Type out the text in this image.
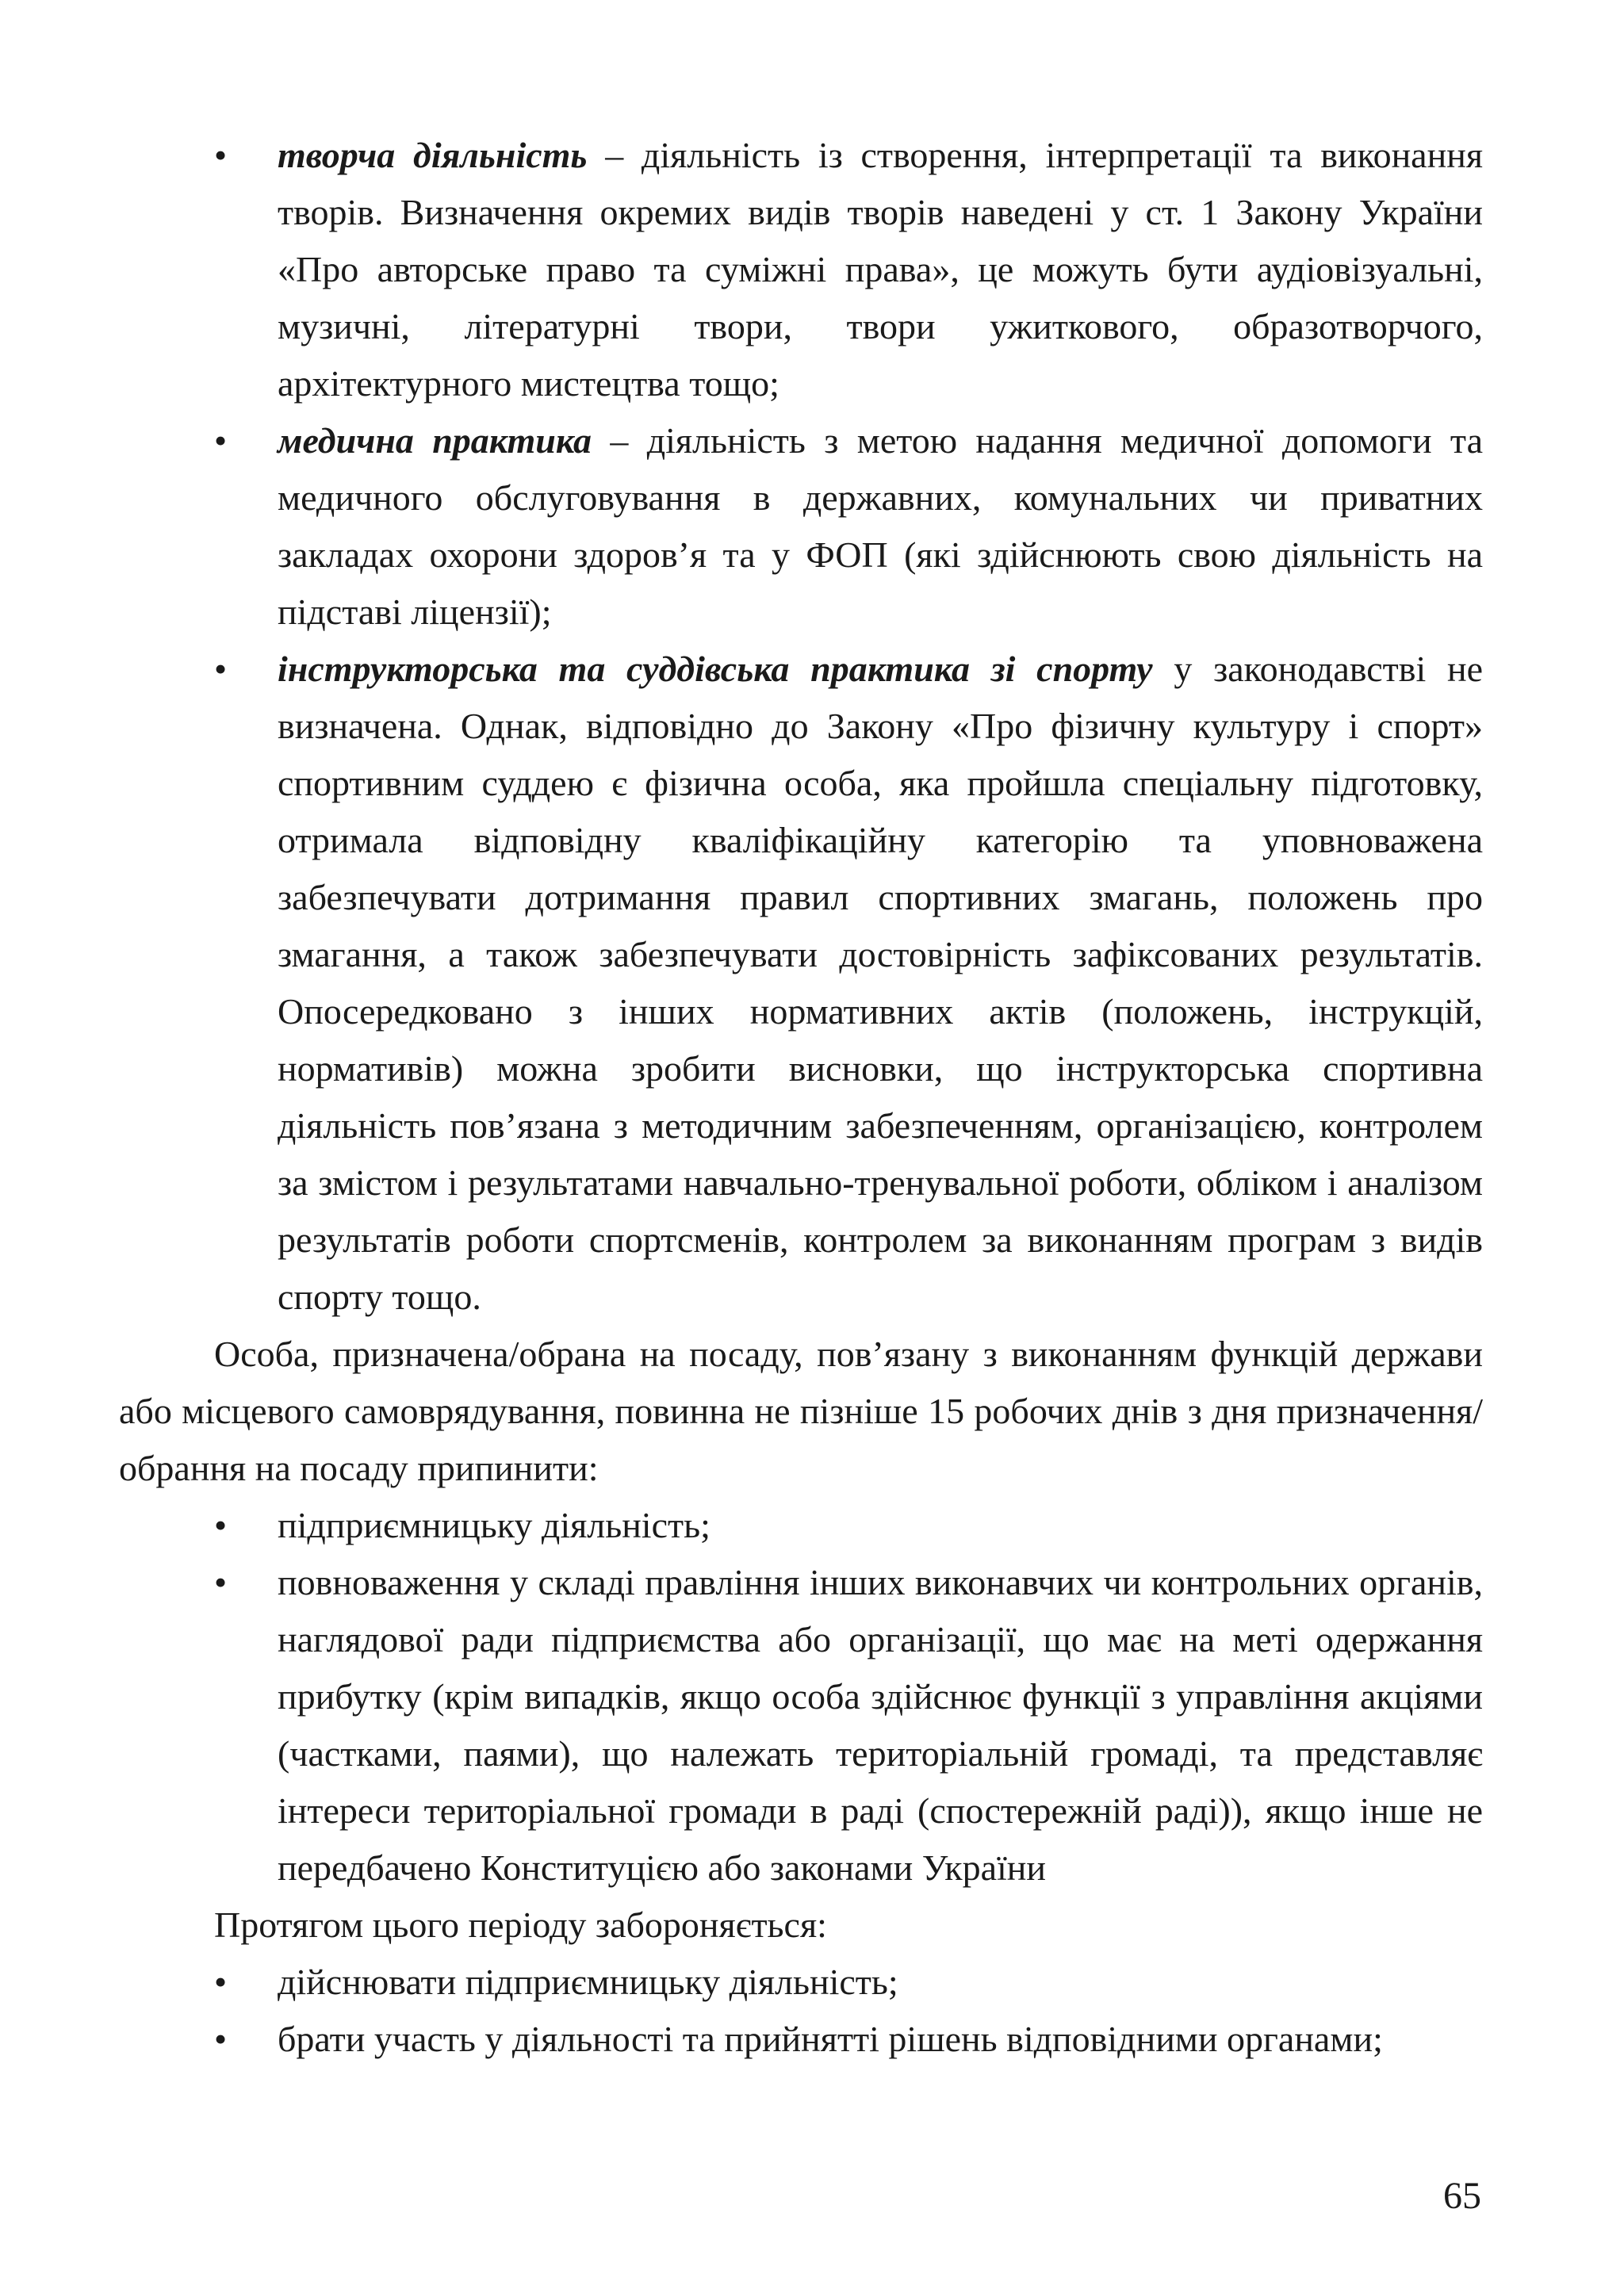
•	творча діяльність – діяльність із створення, інтерпретації та виконання творів. Визначення окремих видів творів наведені у ст. 1 Закону України «Про авторське право та суміжні права», це можуть бути аудіовізуальні, музичні, літературні твори, твори ужиткового, образотворчого, архітектурного мистецтва тощо;
•	медична практика – діяльність з метою надання медичної допомоги та медичного обслуговування в державних, комунальних чи приватних закладах охорони здоров’я та у ФОП (які здійснюють свою діяльність на підставі ліцензії);
•	інструкторська та суддівська практика зі спорту у законодавстві не визначена. Однак, відповідно до Закону «Про фізичну культуру і спорт» спортивним суддею є фізична особа, яка пройшла спеціальну підготовку, отримала відповідну кваліфікаційну категорію та уповноважена забезпечувати дотримання правил спортивних змагань, положень про змагання, а також забезпечувати достовірність зафіксованих результатів. Опосередковано з інших нормативних актів (положень, інструкцій, нормативів) можна зробити висновки, що інструкторська спортивна діяльність пов’язана з методичним забезпеченням, організацією, контролем за змістом і результатами навчально-тренувальної роботи, обліком і аналізом результатів роботи спортсменів, контролем за виконанням програм з видів спорту тощо.

Особа, призначена/обрана на посаду, пов’язану з виконанням функцій держави або місцевого самоврядування, повинна не пізніше 15 робочих днів з дня призначення/обрання на посаду припинити:

•	підприємницьку діяльність;
•	повноваження у складі правління інших виконавчих чи контрольних органів, наглядової ради підприємства або організації, що має на меті одержання прибутку (крім випадків, якщо особа здійснює функції з управління акціями (частками, паями), що належать територіальній громаді, та представляє інтереси територіальної громади в раді (спостережній раді)), якщо інше не передбачено Конституцією або законами України

Протягом цього періоду забороняється:

•	дійснювати підприємницьку діяльність;
•	брати участь у діяльності та прийнятті рішень відповідними органами;
65
